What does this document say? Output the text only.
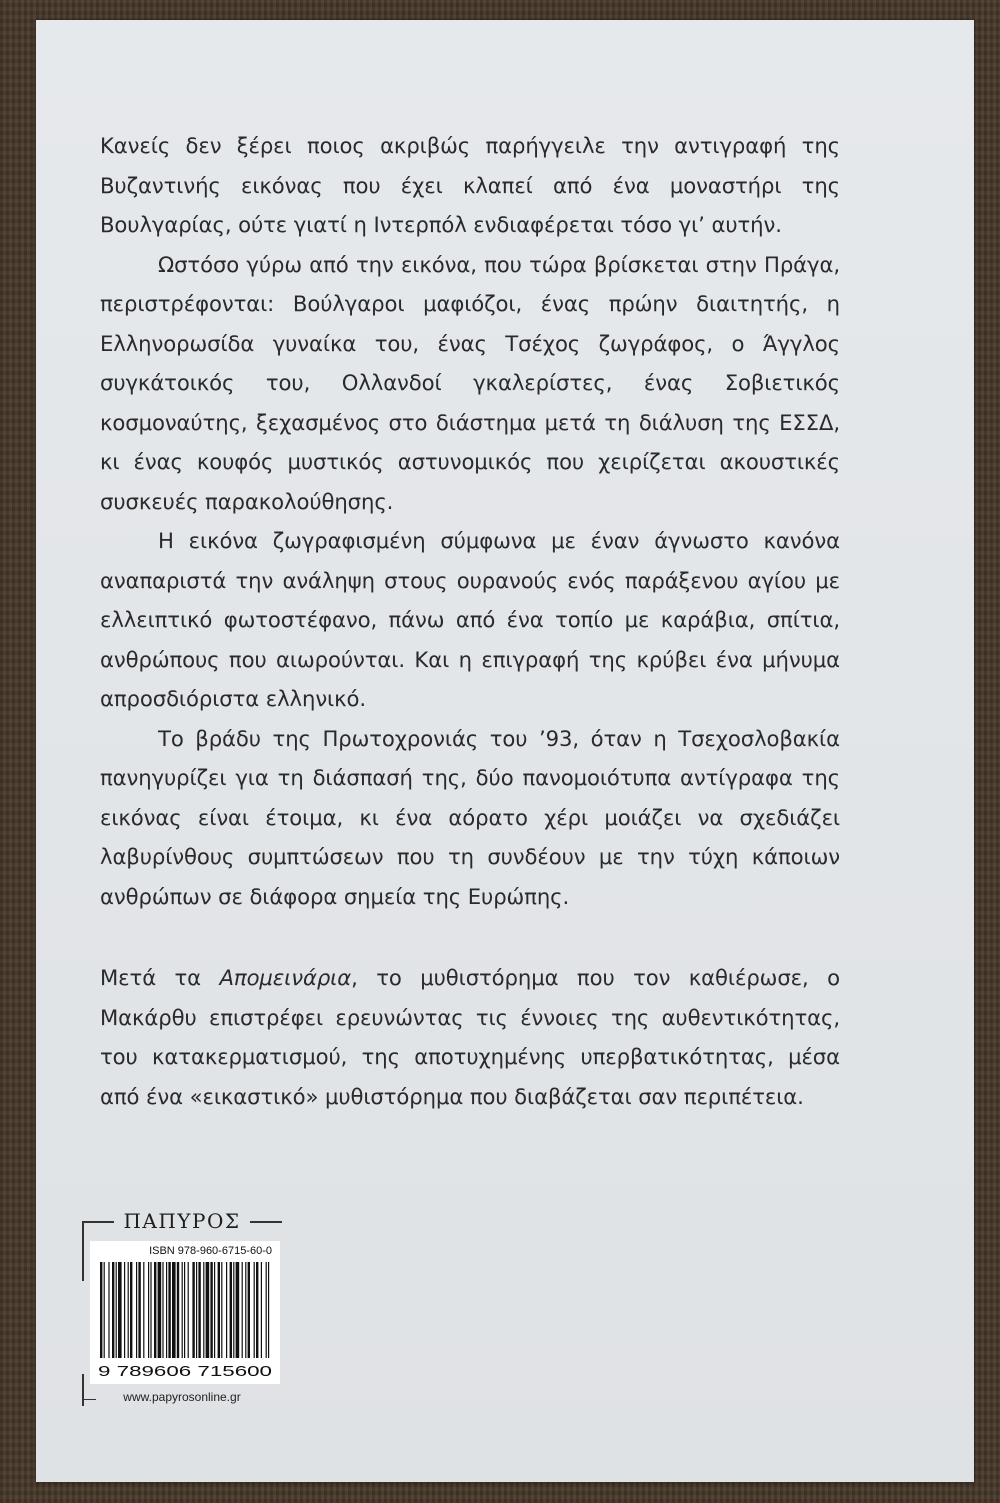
Κανείς δεν ξέρει ποιος ακριβώς παρήγγειλε την αντιγραφή της Βυζαντινής εικόνας που έχει κλαπεί από ένα μοναστήρι της Βουλγαρίας, ούτε γιατί η Ιντερπόλ ενδιαφέρεται τόσο γι’ αυτήν.

Ωστόσο γύρω από την εικόνα, που τώρα βρίσκεται στην Πράγα, περιστρέφονται: Βούλγαροι μαφιόζοι, ένας πρώην διαιτητής, η Ελληνορωσίδα γυναίκα του, ένας Τσέχος ζωγράφος, ο Άγγλος συγκάτοικός του, Ολλανδοί γκαλερίστες, ένας Σοβιετικός κοσμοναύτης, ξεχασμένος στο διάστημα μετά τη διάλυση της ΕΣΣΔ, κι ένας κουφός μυστικός αστυνομικός που χειρίζεται ακουστικές συσκευές παρακολούθησης.

Η εικόνα ζωγραφισμένη σύμφωνα με έναν άγνωστο κανόνα αναπαριστά την ανάληψη στους ουρανούς ενός παράξενου αγίου με ελλειπτικό φωτοστέφανο, πάνω από ένα τοπίο με καράβια, σπίτια, ανθρώπους που αιωρούνται. Και η επιγραφή της κρύβει ένα μήνυμα απροσδιόριστα ελληνικό.

Το βράδυ της Πρωτοχρονιάς του ’93, όταν η Τσεχοσλοβακία πανηγυρίζει για τη διάσπασή της, δύο πανομοιότυπα αντίγραφα της εικόνας είναι έτοιμα, κι ένα αόρατο χέρι μοιάζει να σχεδιάζει λαβυρίνθους συμπτώσεων που τη συνδέουν με την τύχη κάποιων ανθρώπων σε διάφορα σημεία της Ευρώπης.

Μετά τα Απομεινάρια, το μυθιστόρημα που τον καθιέρωσε, ο Μακάρθυ επιστρέφει ερευνώντας τις έννοιες της αυθεντικότητας, του κατακερματισμού, της αποτυχημένης υπερβατικότητας, μέσα από ένα «εικαστικό» μυθιστόρημα που διαβάζεται σαν περιπέτεια.

ΠΑΠΥΡΟΣ
ISBN 978-960-6715-60-0
9 789606 715600
www.papyrosonline.gr
